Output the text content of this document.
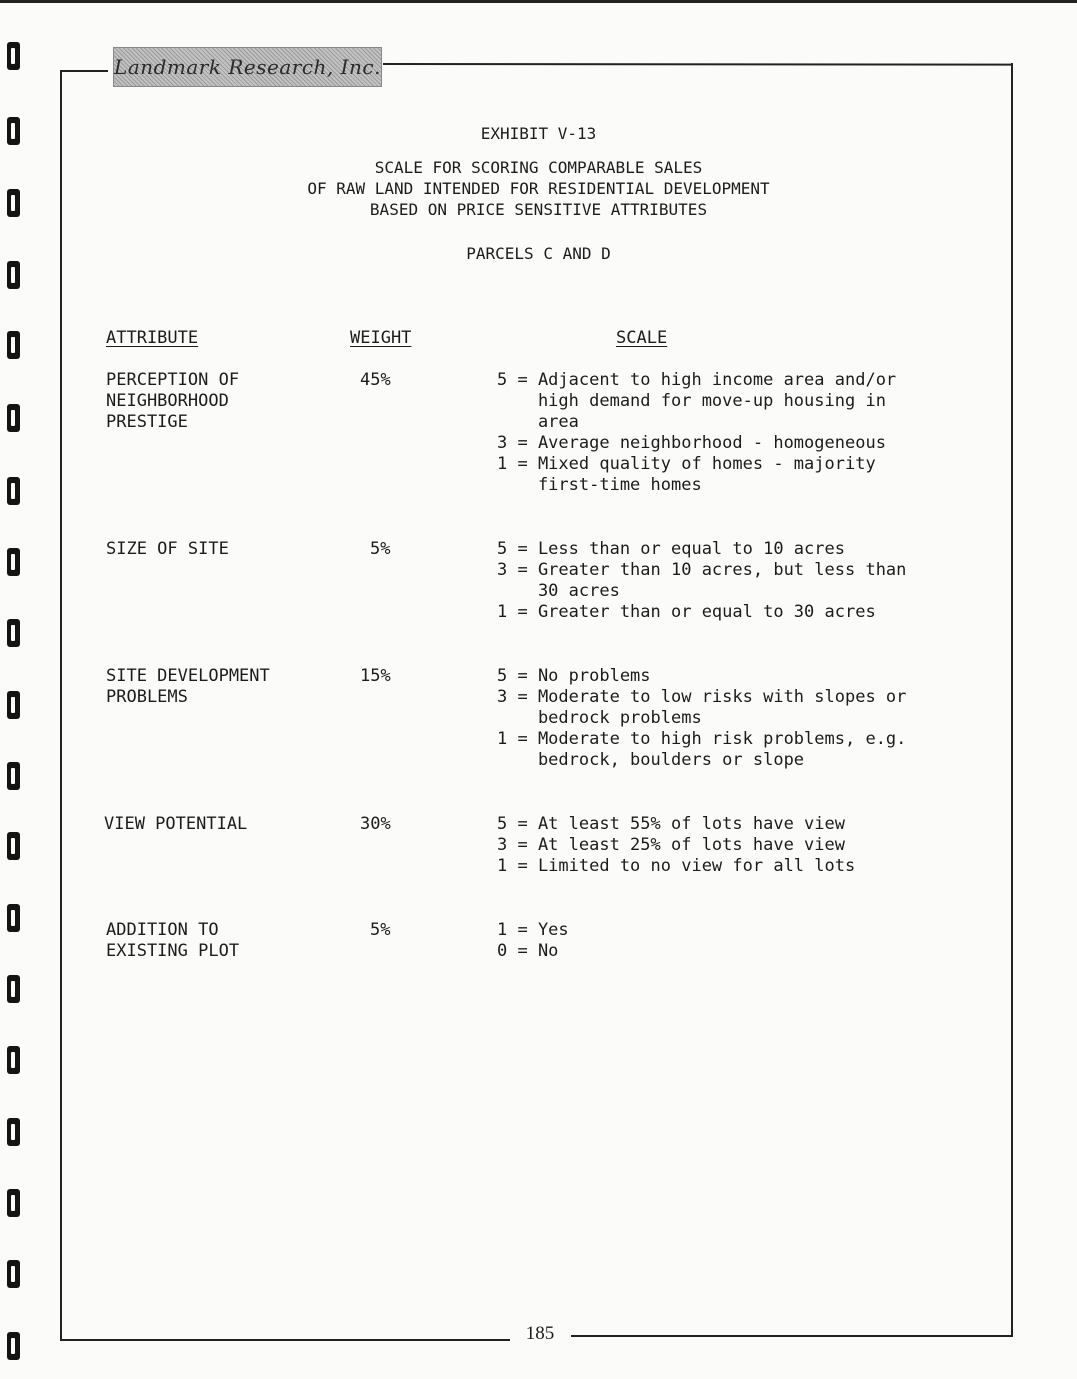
Landmark Research, Inc.
EXHIBIT V-13
SCALE FOR SCORING COMPARABLE SALES
OF RAW LAND INTENDED FOR RESIDENTIAL DEVELOPMENT
BASED ON PRICE SENSITIVE ATTRIBUTES
PARCELS C AND D
ATTRIBUTE	WEIGHT	SCALE
PERCEPTION OF
NEIGHBORHOOD
PRESTIGE
45%	5 = Adjacent to high income area and/or
high demand for move-up housing in
area
3 = Average neighborhood - homogeneous
1 = Mixed quality of homes - majority
first-time homes
SIZE OF SITE	5%	5 = Less than or equal to 10 acres
3 = Greater than 10 acres, but less than
30 acres
1 = Greater than or equal to 30 acres
SITE DEVELOPMENT
PROBLEMS
15%	5 = No problems
3 = Moderate to low risks with slopes or
bedrock problems
1 = Moderate to high risk problems, e.g.
bedrock, boulders or slope
VIEW POTENTIAL	30%	5 = At least 55% of lots have view
3 = At least 25% of lots have view
1 = Limited to no view for all lots
ADDITION TO
EXISTING PLOT
5%	1 = Yes
0 = No
185
